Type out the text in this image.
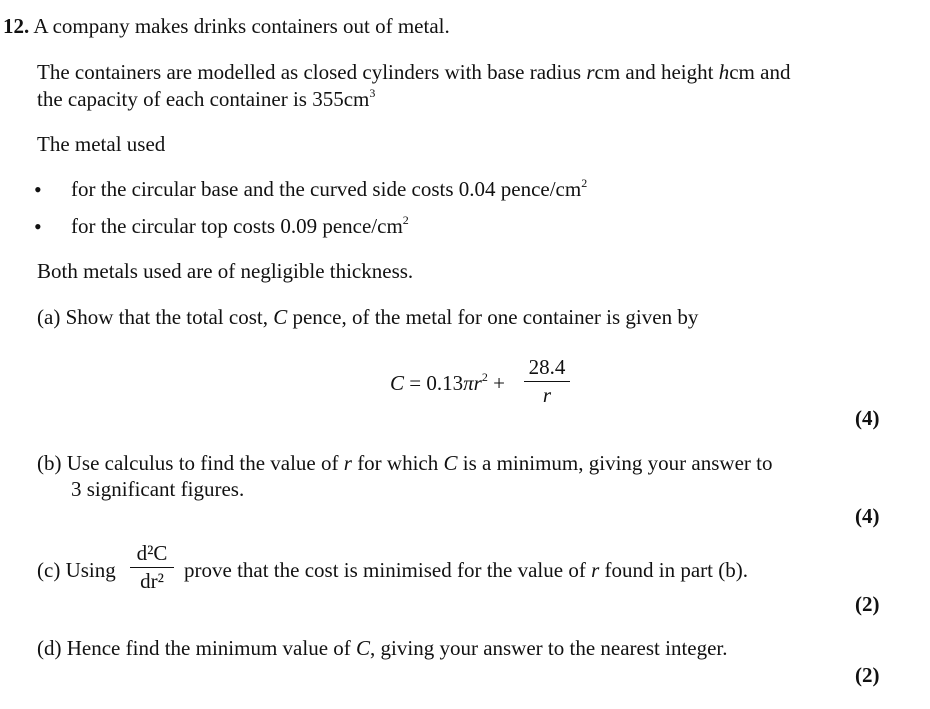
12. A company makes drinks containers out of metal.
The containers are modelled as closed cylinders with base radius rcm and height hcm and
the capacity of each container is $355cm^3$
The metal used
• for the circular base and the curved side costs 0.04 pence/$cm^2$
• for the circular top costs 0.09 pence/$cm^2$
Both metals used are of negligible thickness.
(a) Show that the total cost, C pence, of the metal for one container is given by
$C = 0.13\pi r^2$ +
28.4
r
(4)
(b) Use calculus to find the value of r for which C is a minimum, giving your answer to
3 significant figures.
(4)
(c) Using
d²C
dr² prove that the cost is minimised for the value of r found in part (b).
(2)
(d) Hence find the minimum value of C, giving your answer to the nearest integer.
(2)
